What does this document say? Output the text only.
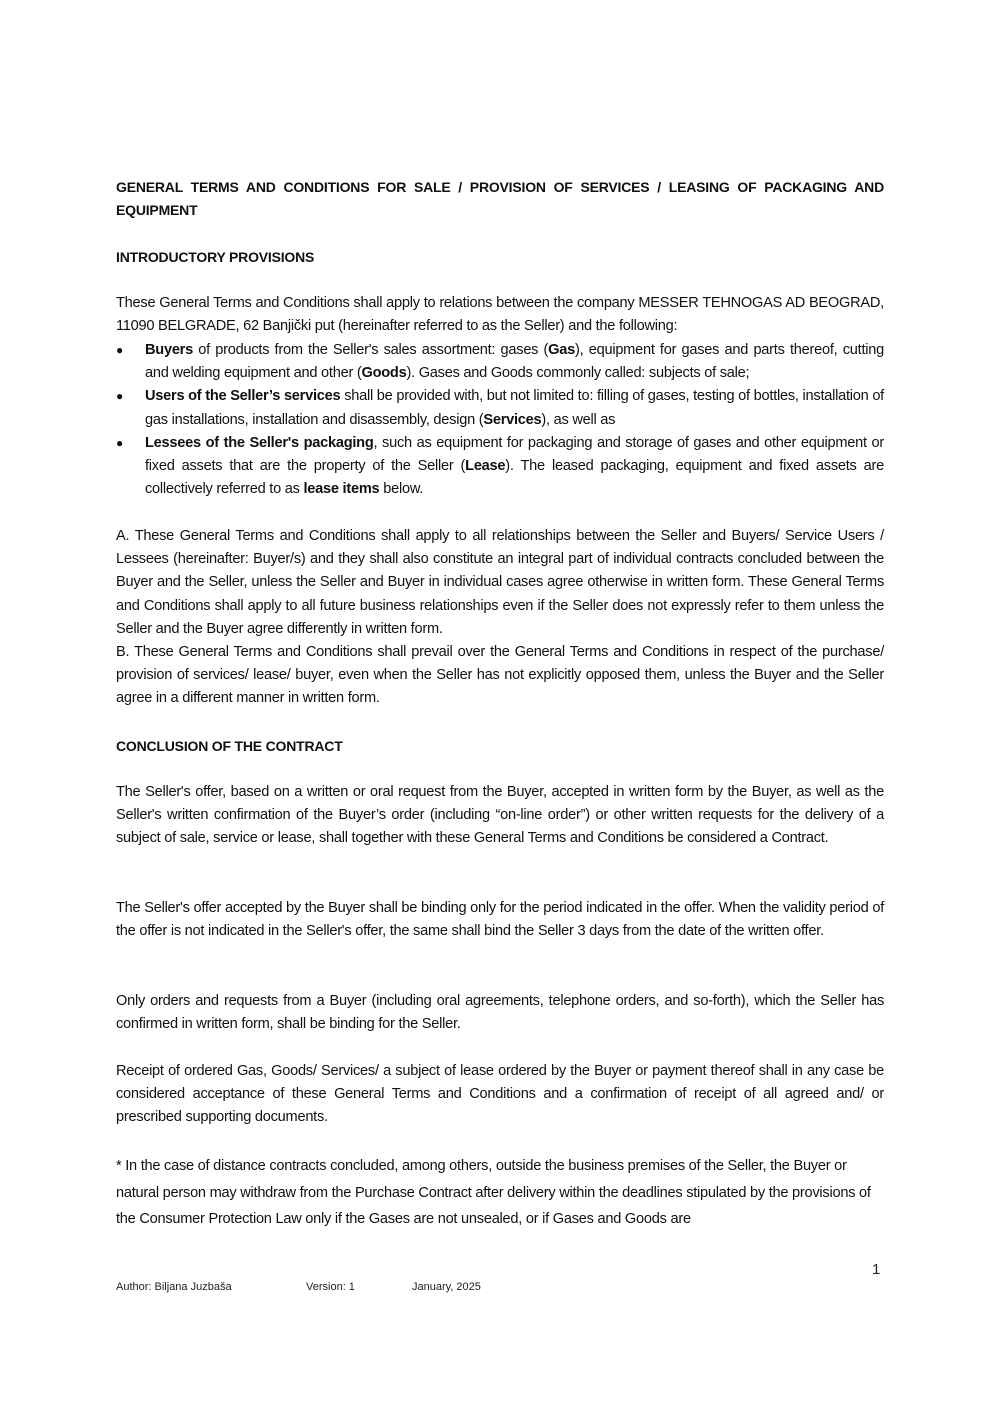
GENERAL TERMS AND CONDITIONS FOR SALE / PROVISION OF SERVICES / LEASING OF PACKAGING AND EQUIPMENT
INTRODUCTORY PROVISIONS
These General Terms and Conditions shall apply to relations between the company MESSER TEHNOGAS AD BEOGRAD, 11090 BELGRADE, 62 Banjički put (hereinafter referred to as the Seller) and the following:
● Buyers of products from the Seller's sales assortment: gases (Gas), equipment for gases and parts thereof, cutting and welding equipment and other (Goods). Gases and Goods commonly called: subjects of sale;
● Users of the Seller’s services shall be provided with, but not limited to: filling of gases, testing of bottles, installation of gas installations, installation and disassembly, design (Services), as well as
● Lessees of the Seller's packaging, such as equipment for packaging and storage of gases and other equipment or fixed assets that are the property of the Seller (Lease). The leased packaging, equipment and fixed assets are collectively referred to as lease items below.
A. These General Terms and Conditions shall apply to all relationships between the Seller and Buyers/ Service Users / Lessees (hereinafter: Buyer/s) and they shall also constitute an integral part of individual contracts concluded between the Buyer and the Seller, unless the Seller and Buyer in individual cases agree otherwise in written form. These General Terms and Conditions shall apply to all future business relationships even if the Seller does not expressly refer to them unless the Seller and the Buyer agree differently in written form.
B. These General Terms and Conditions shall prevail over the General Terms and Conditions in respect of the purchase/ provision of services/ lease/ buyer, even when the Seller has not explicitly opposed them, unless the Buyer and the Seller agree in a different manner in written form.
CONCLUSION OF THE CONTRACT
The Seller's offer, based on a written or oral request from the Buyer, accepted in written form by the Buyer, as well as the Seller's written confirmation of the Buyer’s order (including “on-line order”) or other written requests for the delivery of a subject of sale, service or lease, shall together with these General Terms and Conditions be considered a Contract.
The Seller's offer accepted by the Buyer shall be binding only for the period indicated in the offer. When the validity period of the offer is not indicated in the Seller's offer, the same shall bind the Seller 3 days from the date of the written offer.
Only orders and requests from a Buyer (including oral agreements, telephone orders, and so-forth), which the Seller has confirmed in written form, shall be binding for the Seller.
Receipt of ordered Gas, Goods/ Services/ a subject of lease ordered by the Buyer or payment thereof shall in any case be considered acceptance of these General Terms and Conditions and a confirmation of receipt of all agreed and/ or prescribed supporting documents.
* In the case of distance contracts concluded, among others, outside the business premises of the Seller, the Buyer or natural person may withdraw from the Purchase Contract after delivery within the deadlines stipulated by the provisions of the Consumer Protection Law only if the Gases are not unsealed, or if Gases and Goods are
1
Author: Biljana Juzbaša	Version: 1	January, 2025
